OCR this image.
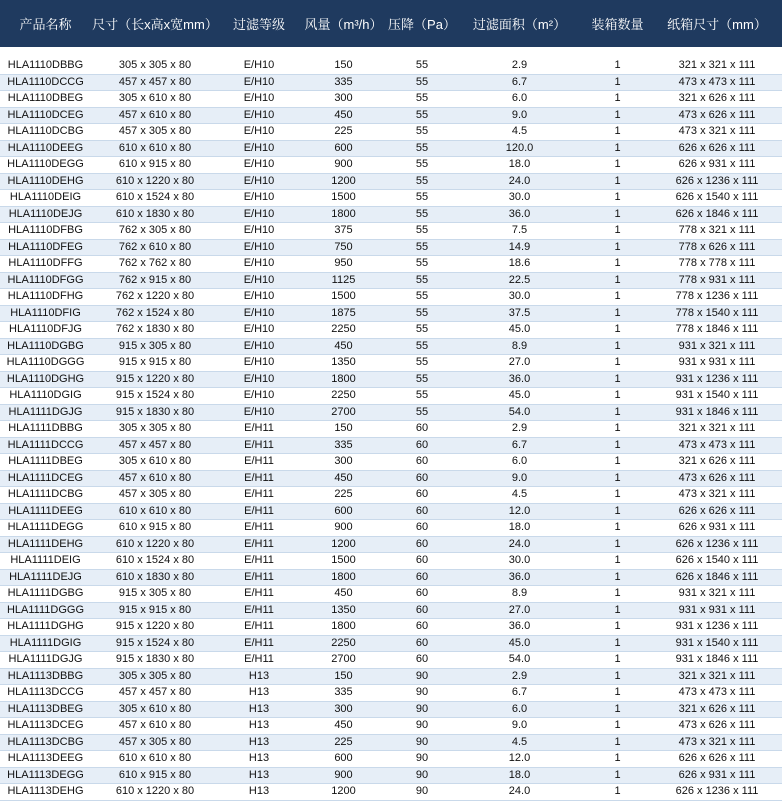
产品名称	尺寸（长x高x宽mm）	过滤等级	风量（m³/h）	压降（Pa）	过滤面积（m²）	装箱数量	纸箱尺寸（mm）

HLA1110DBBG	305 x 305 x 80	E/H10	150	55	2.9	1	321 x 321 x 111
HLA1110DCCG	457 x 457 x 80	E/H10	335	55	6.7	1	473 x 473 x 111
HLA1110DBEG	305 x 610 x 80	E/H10	300	55	6.0	1	321 x 626 x 111
HLA1110DCEG	457 x 610 x 80	E/H10	450	55	9.0	1	473 x 626 x 111
HLA1110DCBG	457 x 305 x 80	E/H10	225	55	4.5	1	473 x 321 x 111
HLA1110DEEG	610 x 610 x 80	E/H10	600	55	120.0	1	626 x 626 x 111
HLA1110DEGG	610 x 915 x 80	E/H10	900	55	18.0	1	626 x 931 x 111
HLA1110DEHG	610 x 1220 x 80	E/H10	1200	55	24.0	1	626 x 1236 x 111
HLA1110DEIG	610 x 1524 x 80	E/H10	1500	55	30.0	1	626 x 1540 x 111
HLA1110DEJG	610 x 1830 x 80	E/H10	1800	55	36.0	1	626 x 1846 x 111
HLA1110DFBG	762 x 305 x 80	E/H10	375	55	7.5	1	778 x 321 x 111
HLA1110DFEG	762 x 610 x 80	E/H10	750	55	14.9	1	778 x 626 x 111
HLA1110DFFG	762 x 762 x 80	E/H10	950	55	18.6	1	778 x 778 x 111
HLA1110DFGG	762 x 915 x 80	E/H10	1125	55	22.5	1	778 x 931 x 111
HLA1110DFHG	762 x 1220 x 80	E/H10	1500	55	30.0	1	778 x 1236 x 111
HLA1110DFIG	762 x 1524 x 80	E/H10	1875	55	37.5	1	778 x 1540 x 111
HLA1110DFJG	762 x 1830 x 80	E/H10	2250	55	45.0	1	778 x 1846 x 111
HLA1110DGBG	915 x 305 x 80	E/H10	450	55	8.9	1	931 x 321 x 111
HLA1110DGGG	915 x 915 x 80	E/H10	1350	55	27.0	1	931 x 931 x 111
HLA1110DGHG	915 x 1220 x 80	E/H10	1800	55	36.0	1	931 x 1236 x 111
HLA1110DGIG	915 x 1524 x 80	E/H10	2250	55	45.0	1	931 x 1540 x 111
HLA1111DGJG	915 x 1830 x 80	E/H10	2700	55	54.0	1	931 x 1846 x 111
HLA1111DBBG	305 x 305 x 80	E/H11	150	60	2.9	1	321 x 321 x 111
HLA1111DCCG	457 x 457 x 80	E/H11	335	60	6.7	1	473 x 473 x 111
HLA1111DBEG	305 x 610 x 80	E/H11	300	60	6.0	1	321 x 626 x 111
HLA1111DCEG	457 x 610 x 80	E/H11	450	60	9.0	1	473 x 626 x 111
HLA1111DCBG	457 x 305 x 80	E/H11	225	60	4.5	1	473 x 321 x 111
HLA1111DEEG	610 x 610 x 80	E/H11	600	60	12.0	1	626 x 626 x 111
HLA1111DEGG	610 x 915 x 80	E/H11	900	60	18.0	1	626 x 931 x 111
HLA1111DEHG	610 x 1220 x 80	E/H11	1200	60	24.0	1	626 x 1236 x 111
HLA1111DEIG	610 x 1524 x 80	E/H11	1500	60	30.0	1	626 x 1540 x 111
HLA1111DEJG	610 x 1830 x 80	E/H11	1800	60	36.0	1	626 x 1846 x 111
HLA1111DGBG	915 x 305 x 80	E/H11	450	60	8.9	1	931 x 321 x 111
HLA1111DGGG	915 x 915 x 80	E/H11	1350	60	27.0	1	931 x 931 x 111
HLA1111DGHG	915 x 1220 x 80	E/H11	1800	60	36.0	1	931 x 1236 x 111
HLA1111DGIG	915 x 1524 x 80	E/H11	2250	60	45.0	1	931 x 1540 x 111
HLA1111DGJG	915 x 1830 x 80	E/H11	2700	60	54.0	1	931 x 1846 x 111
HLA1113DBBG	305 x 305 x 80	H13	150	90	2.9	1	321 x 321 x 111
HLA1113DCCG	457 x 457 x 80	H13	335	90	6.7	1	473 x 473 x 111
HLA1113DBEG	305 x 610 x 80	H13	300	90	6.0	1	321 x 626 x 111
HLA1113DCEG	457 x 610 x 80	H13	450	90	9.0	1	473 x 626 x 111
HLA1113DCBG	457 x 305 x 80	H13	225	90	4.5	1	473 x 321 x 111
HLA1113DEEG	610 x 610 x 80	H13	600	90	12.0	1	626 x 626 x 111
HLA1113DEGG	610 x 915 x 80	H13	900	90	18.0	1	626 x 931 x 111
HLA1113DEHG	610 x 1220 x 80	H13	1200	90	24.0	1	626 x 1236 x 111
